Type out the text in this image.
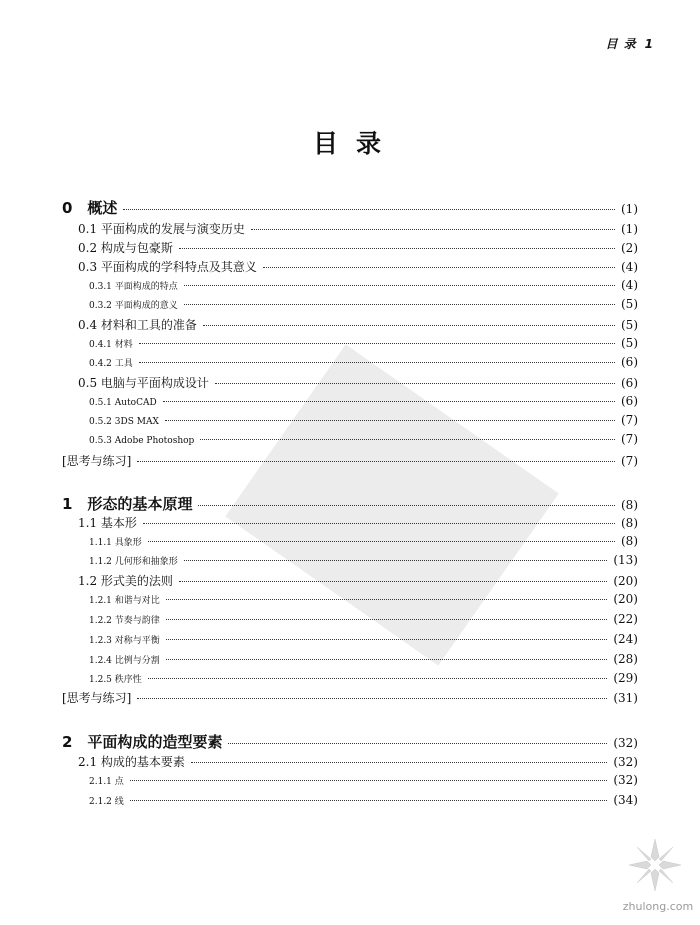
目 录 1
目 录
0　概述	(1)
0.1 平面构成的发展与演变历史	(1)
0.2 构成与包豪斯	(2)
0.3 平面构成的学科特点及其意义	(4)
0.3.1 平面构成的特点	(4)
0.3.2 平面构成的意义	(5)
0.4 材料和工具的准备	(5)
0.4.1 材料	(5)
0.4.2 工具	(6)
0.5 电脑与平面构成设计	(6)
0.5.1 AutoCAD	(6)
0.5.2 3DS MAX	(7)
0.5.3 Adobe Photoshop	(7)
[思考与练习]	(7)
1　形态的基本原理	(8)
1.1 基本形	(8)
1.1.1 具象形	(8)
1.1.2 几何形和抽象形	(13)
1.2 形式美的法则	(20)
1.2.1 和谐与对比	(20)
1.2.2 节奏与韵律	(22)
1.2.3 对称与平衡	(24)
1.2.4 比例与分割	(28)
1.2.5 秩序性	(29)
[思考与练习]	(31)
2　平面构成的造型要素	(32)
2.1 构成的基本要素	(32)
2.1.1 点	(32)
2.1.2 线	(34)
zhulong.com
